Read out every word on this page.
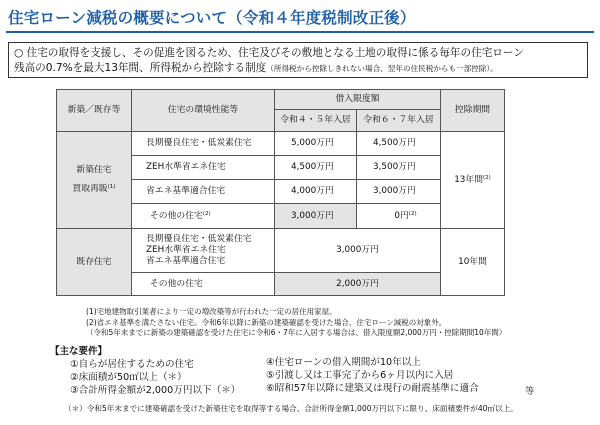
住宅ローン減税の概要について（令和４年度税制改正後）
○ 住宅の取得を支援し、その促進を図るため、住宅及びその敷地となる土地の取得に係る毎年の住宅ローン
残高の0.7%を最大13年間、所得税から控除する制度（所得税から控除しきれない場合、翌年の住民税からも一部控除）。
新築／既存等	住宅の環境性能等	借入限度額		控除期間
		令和４・５年入居	令和６・７年入居	

新築住宅
買取再販$^{(1)}$	長期優良住宅・低炭素住宅	5,000万円	4,500万円	13年間$^{(2)}$
	ZEH水準省エネ住宅	4,500万円	3,500万円	
	省エネ基準適合住宅	4,000万円	3,000万円	
	その他の住宅$^{(2)}$	3,000万円	0円$^{(2)}$
既存住宅	長期優良住宅・低炭素住宅
ZEH水準省エネ住宅
省エネ基準適合住宅	3,000万円		10年間
	その他の住宅	2,000万円		
(1)宅地建物取引業者により一定の増改築等が行われた一定の居住用家屋。
(2)省エネ基準を満たさない住宅。令和6年以降に新築の建築確認を受けた場合、住宅ローン減税の対象外。
（令和5年末までに新築の建築確認を受けた住宅に令和6・7年に入居する場合は、借入限度額2,000万円・控除期間10年間）
【主な要件】
①自らが居住するための住宅
②床面積が50㎡以上（＊）
③合計所得金額が2,000万円以下（＊）
④住宅ローンの借入期間が10年以上
⑤引渡し又は工事完了から6ヶ月以内に入居
⑥昭和57年以降に建築又は現行の耐震基準に適合	等
（＊）令和5年末までに建築確認を受けた新築住宅を取得等する場合、合計所得金額1,000万円以下に限り、床面積要件が40㎡以上。
